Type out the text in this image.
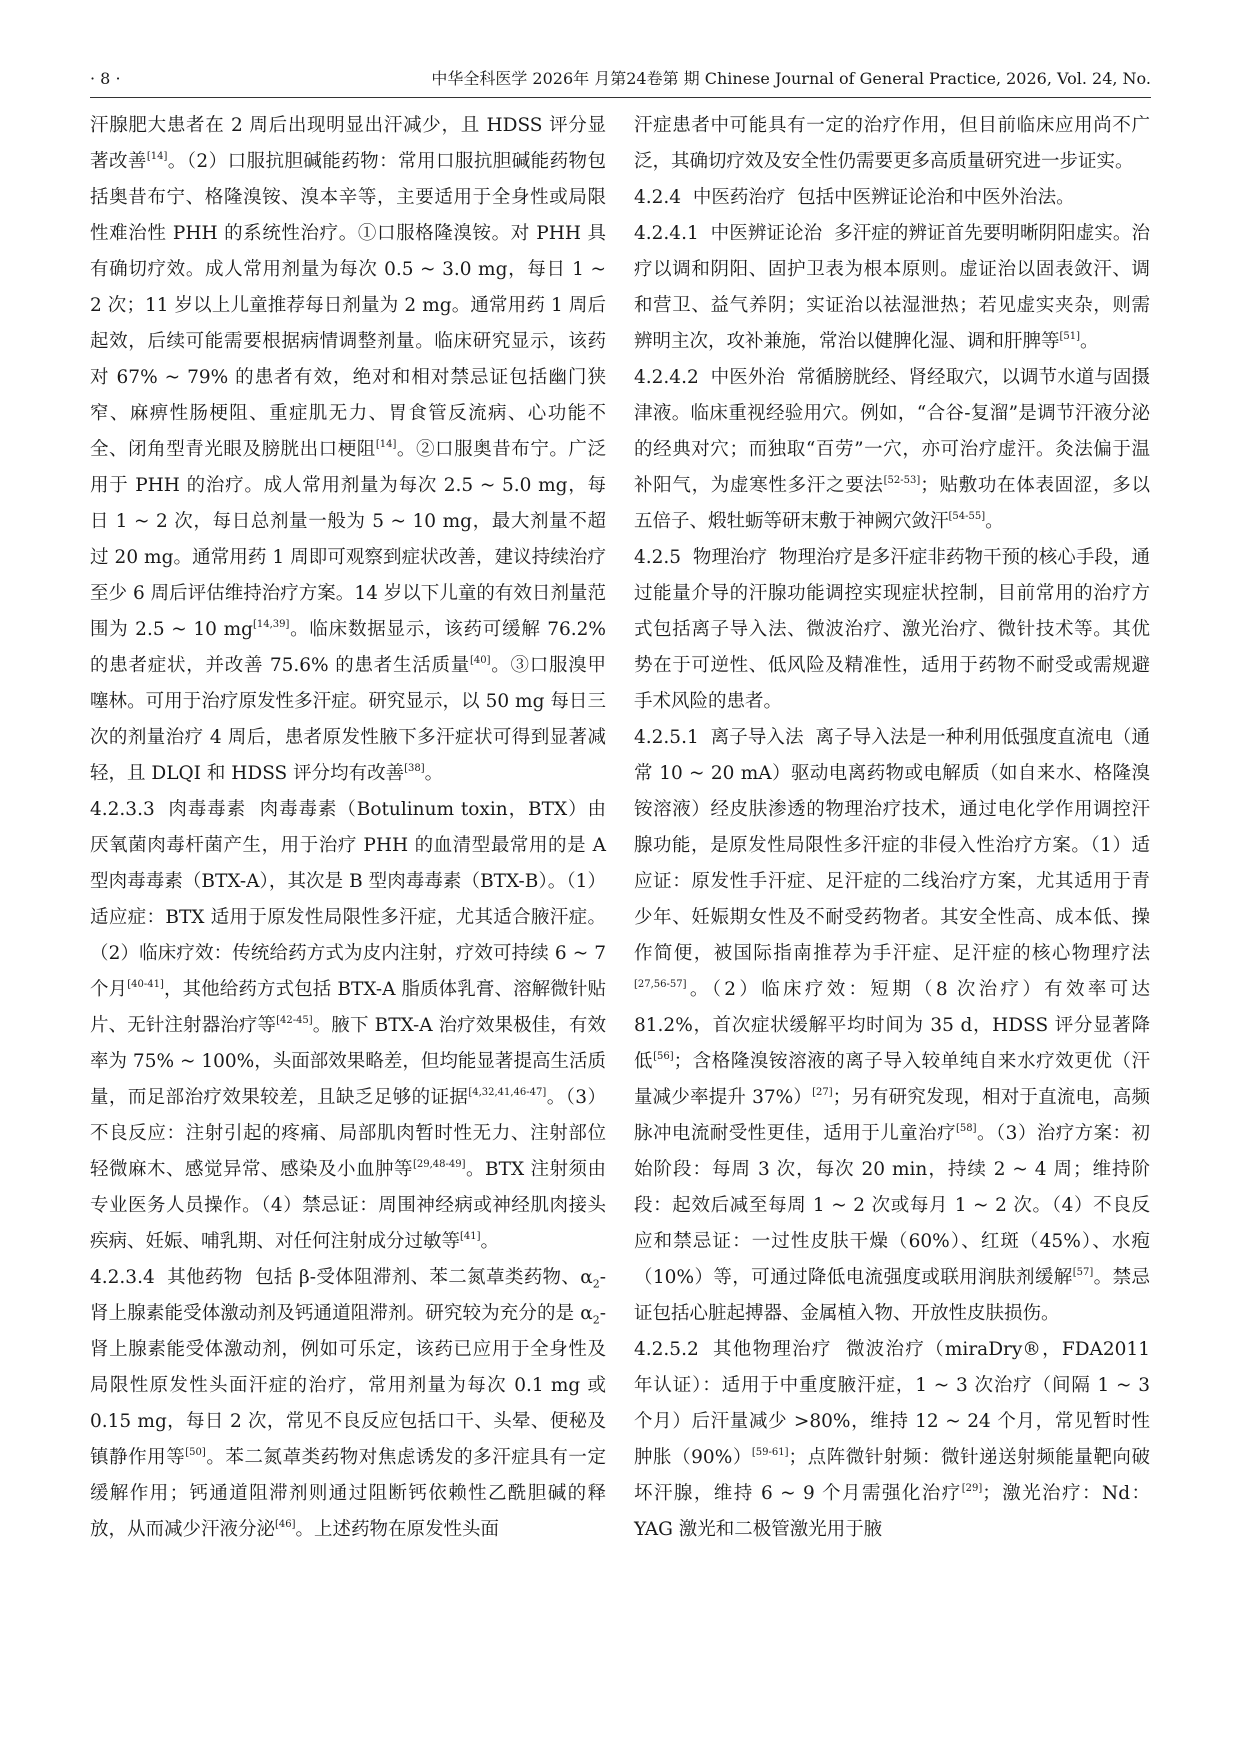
· 8 ·	中华全科医学 2026年 月第24卷第 期 Chinese Journal of General Practice, 2026, Vol. 24, No.

汗腺肥大患者在 2 周后出现明显出汗减少，且 HDSS 评分显著改善[14]。（2）口服抗胆碱能药物：常用口服抗胆碱能药物包括奥昔布宁、格隆溴铵、溴本辛等，主要适用于全身性或局限性难治性 PHH 的系统性治疗。①口服格隆溴铵。对 PHH 具有确切疗效。成人常用剂量为每次 0.5 ~ 3.0 mg，每日 1 ~ 2 次；11 岁以上儿童推荐每日剂量为 2 mg。通常用药 1 周后起效，后续可能需要根据病情调整剂量。临床研究显示，该药对 67% ~ 79% 的患者有效，绝对和相对禁忌证包括幽门狭窄、麻痹性肠梗阻、重症肌无力、胃食管反流病、心功能不全、闭角型青光眼及膀胱出口梗阻[14]。②口服奥昔布宁。广泛用于 PHH 的治疗。成人常用剂量为每次 2.5 ~ 5.0 mg，每日 1 ~ 2 次，每日总剂量一般为 5 ~ 10 mg，最大剂量不超过 20 mg。通常用药 1 周即可观察到症状改善，建议持续治疗至少 6 周后评估维持治疗方案。14 岁以下儿童的有效日剂量范围为 2.5 ~ 10 mg[14,39]。临床数据显示，该药可缓解 76.2% 的患者症状，并改善 75.6% 的患者生活质量[40]。③口服溴甲噻林。可用于治疗原发性多汗症。研究显示，以 50 mg 每日三次的剂量治疗 4 周后，患者原发性腋下多汗症状可得到显著减轻，且 DLQI 和 HDSS 评分均有改善[38]。

4.2.3.3  肉毒毒素  肉毒毒素（Botulinum toxin，BTX）由厌氧菌肉毒杆菌产生，用于治疗 PHH 的血清型最常用的是 A 型肉毒毒素（BTX-A），其次是 B 型肉毒毒素（BTX-B）。（1）适应症：BTX 适用于原发性局限性多汗症，尤其适合腋汗症。（2）临床疗效：传统给药方式为皮内注射，疗效可持续 6 ~ 7 个月[40-41]，其他给药方式包括 BTX-A 脂质体乳膏、溶解微针贴片、无针注射器治疗等[42-45]。腋下 BTX-A 治疗效果极佳，有效率为 75% ~ 100%，头面部效果略差，但均能显著提高生活质量，而足部治疗效果较差，且缺乏足够的证据[4,32,41,46-47]。（3）不良反应：注射引起的疼痛、局部肌肉暂时性无力、注射部位轻微麻木、感觉异常、感染及小血肿等[29,48-49]。BTX 注射须由专业医务人员操作。（4）禁忌证：周围神经病或神经肌肉接头疾病、妊娠、哺乳期、对任何注射成分过敏等[41]。

4.2.3.4  其他药物  包括 β-受体阻滞剂、苯二氮䓬类药物、$\alpha_2-$肾上腺素能受体激动剂及钙通道阻滞剂。研究较为充分的是 $\alpha_2-$肾上腺素能受体激动剂，例如可乐定，该药已应用于全身性及局限性原发性头面汗症的治疗，常用剂量为每次 0.1 mg 或 0.15 mg，每日 2 次，常见不良反应包括口干、头晕、便秘及镇静作用等[50]。苯二氮䓬类药物对焦虑诱发的多汗症具有一定缓解作用；钙通道阻滞剂则通过阻断钙依赖性乙酰胆碱的释放，从而减少汗液分泌[46]。上述药物在原发性头面

汗症患者中可能具有一定的治疗作用，但目前临床应用尚不广泛，其确切疗效及安全性仍需要更多高质量研究进一步证实。

4.2.4  中医药治疗  包括中医辨证论治和中医外治法。

4.2.4.1  中医辨证论治  多汗症的辨证首先要明晰阴阳虚实。治疗以调和阴阳、固护卫表为根本原则。虚证治以固表敛汗、调和营卫、益气养阴；实证治以祛湿泄热；若见虚实夹杂，则需辨明主次，攻补兼施，常治以健脾化湿、调和肝脾等[51]。

4.2.4.2  中医外治  常循膀胱经、肾经取穴，以调节水道与固摄津液。临床重视经验用穴。例如，“合谷-复溜”是调节汗液分泌的经典对穴；而独取“百劳”一穴，亦可治疗虚汗。灸法偏于温补阳气，为虚寒性多汗之要法[52-53]；贴敷功在体表固涩，多以五倍子、煅牡蛎等研末敷于神阙穴敛汗[54-55]。

4.2.5  物理治疗  物理治疗是多汗症非药物干预的核心手段，通过能量介导的汗腺功能调控实现症状控制，目前常用的治疗方式包括离子导入法、微波治疗、激光治疗、微针技术等。其优势在于可逆性、低风险及精准性，适用于药物不耐受或需规避手术风险的患者。

4.2.5.1  离子导入法  离子导入法是一种利用低强度直流电（通常 10 ~ 20 mA）驱动电离药物或电解质（如自来水、格隆溴铵溶液）经皮肤渗透的物理治疗技术，通过电化学作用调控汗腺功能，是原发性局限性多汗症的非侵入性治疗方案。（1）适应证：原发性手汗症、足汗症的二线治疗方案，尤其适用于青少年、妊娠期女性及不耐受药物者。其安全性高、成本低、操作简便，被国际指南推荐为手汗症、足汗症的核心物理疗法[27,56-57]。（2）临床疗效：短期（8 次治疗）有效率可达 81.2%，首次症状缓解平均时间为 35 d，HDSS 评分显著降低[56]；含格隆溴铵溶液的离子导入较单纯自来水疗效更优（汗量减少率提升 37%）[27]；另有研究发现，相对于直流电，高频脉冲电流耐受性更佳，适用于儿童治疗[58]。（3）治疗方案：初始阶段：每周 3 次，每次 20 min，持续 2 ~ 4 周；维持阶段：起效后减至每周 1 ~ 2 次或每月 1 ~ 2 次。（4）不良反应和禁忌证：一过性皮肤干燥（60%）、红斑（45%）、水疱（10%）等，可通过降低电流强度或联用润肤剂缓解[57]。禁忌证包括心脏起搏器、金属植入物、开放性皮肤损伤。

4.2.5.2  其他物理治疗  微波治疗（miraDry®，FDA2011 年认证）：适用于中重度腋汗症，1 ~ 3 次治疗（间隔 1 ~ 3 个月）后汗量减少 >80%，维持 12 ~ 24 个月，常见暂时性肿胀（90%）[59-61]；点阵微针射频：微针递送射频能量靶向破坏汗腺，维持 6 ~ 9 个月需强化治疗[29]；激光治疗：Nd：YAG 激光和二极管激光用于腋
